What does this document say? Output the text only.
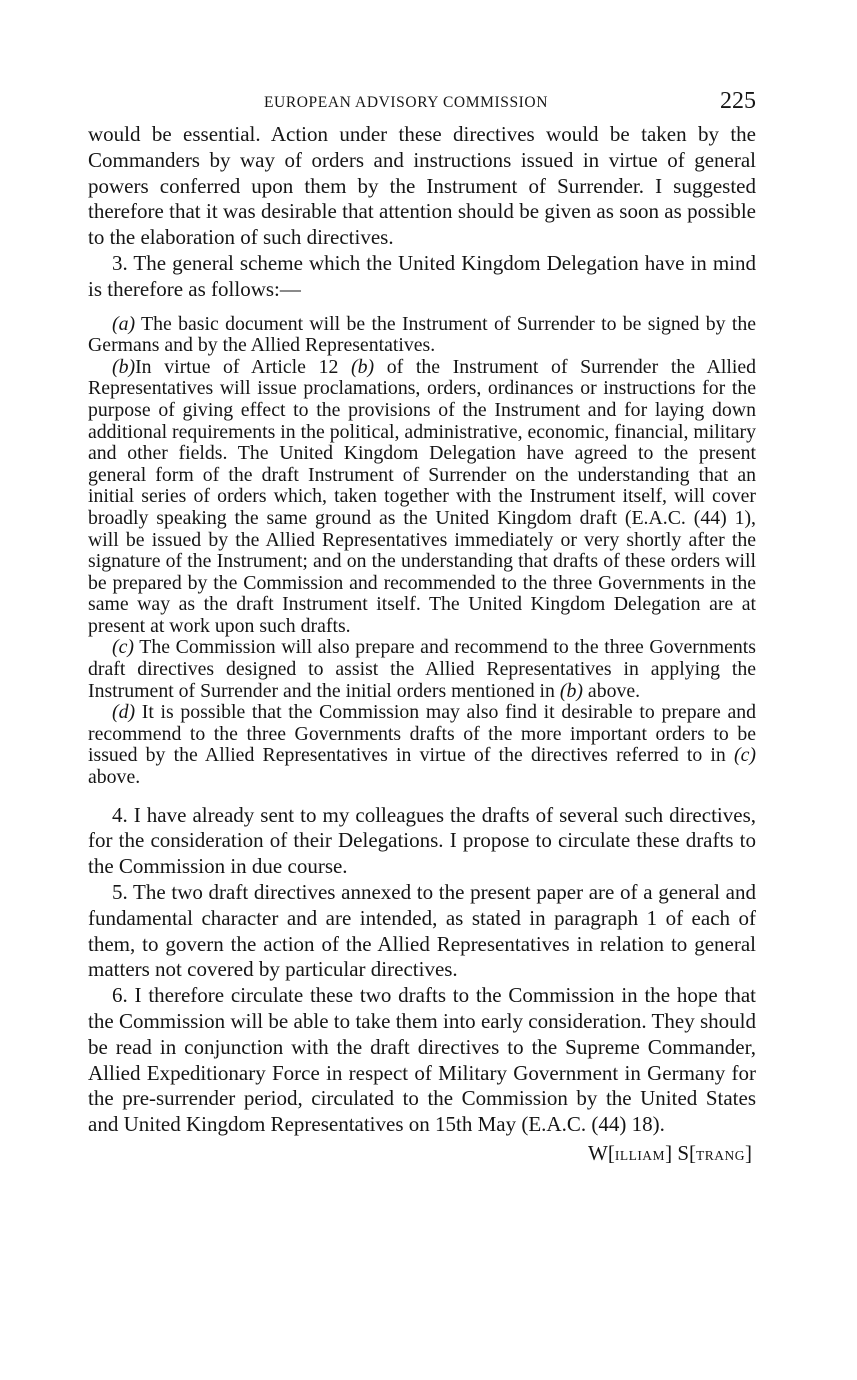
EUROPEAN ADVISORY COMMISSION	225

would be essential. Action under these directives would be taken by the Commanders by way of orders and instructions issued in virtue of general powers conferred upon them by the Instrument of Surrender. I suggested therefore that it was desirable that attention should be given as soon as possible to the elaboration of such directives.

3. The general scheme which the United Kingdom Delegation have in mind is therefore as follows:—

(a) The basic document will be the Instrument of Surrender to be signed by the Germans and by the Allied Representatives.

(b)In virtue of Article 12 (b) of the Instrument of Surrender the Allied Representatives will issue proclamations, orders, ordinances or instructions for the purpose of giving effect to the provisions of the Instrument and for laying down additional requirements in the political, administrative, economic, financial, military and other fields. The United Kingdom Delegation have agreed to the present general form of the draft Instrument of Surrender on the understanding that an initial series of orders which, taken together with the Instrument itself, will cover broadly speaking the same ground as the United Kingdom draft (E.A.C. (44) 1), will be issued by the Allied Representatives immediately or very shortly after the signature of the Instrument; and on the understanding that drafts of these orders will be prepared by the Commission and recommended to the three Governments in the same way as the draft Instrument itself. The United Kingdom Delegation are at present at work upon such drafts.

(c) The Commission will also prepare and recommend to the three Governments draft directives designed to assist the Allied Representatives in applying the Instrument of Surrender and the initial orders mentioned in (b) above.

(d) It is possible that the Commission may also find it desirable to prepare and recommend to the three Governments drafts of the more important orders to be issued by the Allied Representatives in virtue of the directives referred to in (c) above.

4. I have already sent to my colleagues the drafts of several such directives, for the consideration of their Delegations. I propose to circulate these drafts to the Commission in due course.

5. The two draft directives annexed to the present paper are of a general and fundamental character and are intended, as stated in paragraph 1 of each of them, to govern the action of the Allied Representatives in relation to general matters not covered by particular directives.

6. I therefore circulate these two drafts to the Commission in the hope that the Commission will be able to take them into early consideration. They should be read in conjunction with the draft directives to the Supreme Commander, Allied Expeditionary Force in respect of Military Government in Germany for the pre-surrender period, circulated to the Commission by the United States and United Kingdom Representatives on 15th May (E.A.C. (44) 18).

W[ILLIAM] S[TRANG]
